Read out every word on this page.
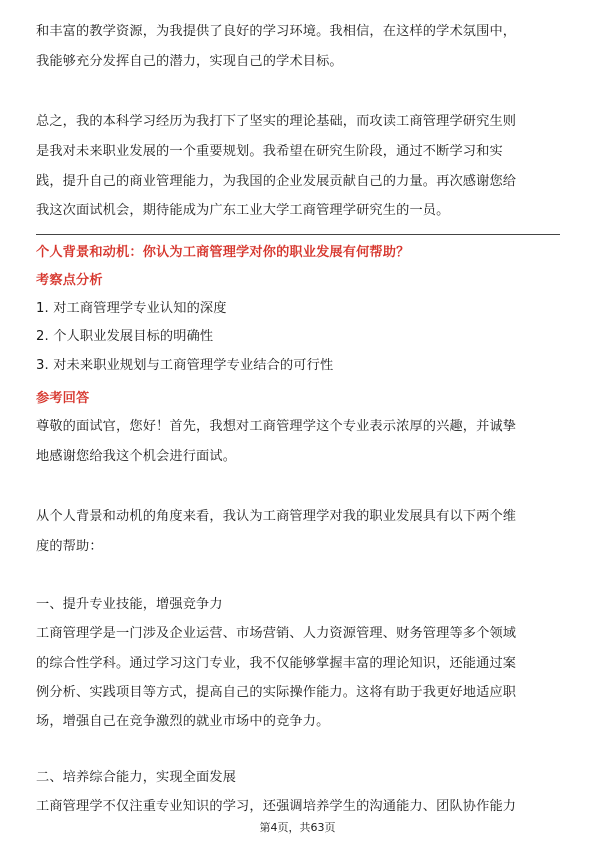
和丰富的教学资源，为我提供了良好的学习环境。我相信，在这样的学术氛围中，
我能够充分发挥自己的潜力，实现自己的学术目标。
总之，我的本科学习经历为我打下了坚实的理论基础，而攻读工商管理学研究生则
是我对未来职业发展的一个重要规划。我希望在研究生阶段，通过不断学习和实
践，提升自己的商业管理能力，为我国的企业发展贡献自己的力量。再次感谢您给
我这次面试机会，期待能成为广东工业大学工商管理学研究生的一员。
个人背景和动机：你认为工商管理学对你的职业发展有何帮助？
考察点分析
1. 对工商管理学专业认知的深度
2. 个人职业发展目标的明确性
3. 对未来职业规划与工商管理学专业结合的可行性
参考回答
尊敬的面试官，您好！首先，我想对工商管理学这个专业表示浓厚的兴趣，并诚挚
地感谢您给我这个机会进行面试。
从个人背景和动机的角度来看，我认为工商管理学对我的职业发展具有以下两个维
度的帮助：
一、提升专业技能，增强竞争力
工商管理学是一门涉及企业运营、市场营销、人力资源管理、财务管理等多个领域
的综合性学科。通过学习这门专业，我不仅能够掌握丰富的理论知识，还能通过案
例分析、实践项目等方式，提高自己的实际操作能力。这将有助于我更好地适应职
场，增强自己在竞争激烈的就业市场中的竞争力。
二、培养综合能力，实现全面发展
工商管理学不仅注重专业知识的学习，还强调培养学生的沟通能力、团队协作能力
第4页，共63页
